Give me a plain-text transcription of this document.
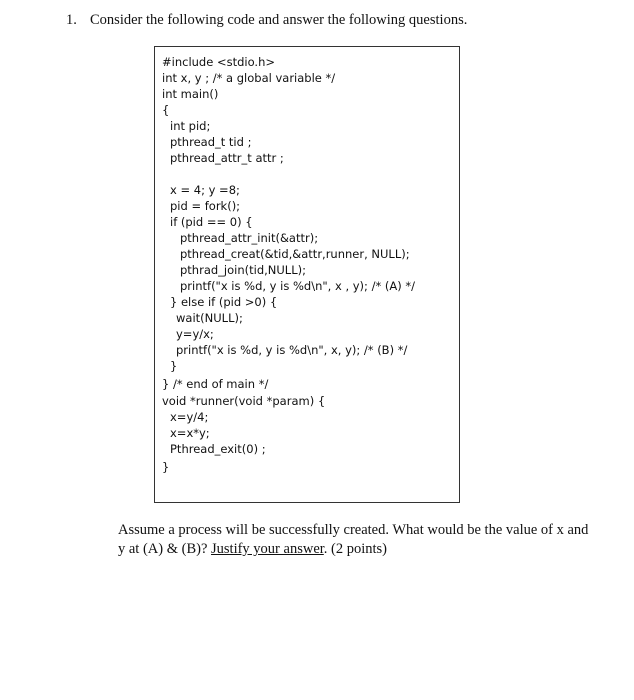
1. Consider the following code and answer the following questions.
#include <stdio.h>
int x, y ; /* a global variable */
int main()
{
int pid;
pthread_t tid ;
pthread_attr_t attr ;
x = 4; y =8;
pid = fork();
if (pid == 0) {
pthread_attr_init(&attr);
pthread_creat(&tid,&attr,runner, NULL);
pthrad_join(tid,NULL);
printf("x is %d, y is %d\n", x , y); /* (A) */
} else if (pid >0) {
wait(NULL);
y=y/x;
printf("x is %d, y is %d\n", x, y); /* (B) */
}
} /* end of main */
void *runner(void *param) {
x=y/4;
x=x*y;
Pthread_exit(0) ;
}
Assume a process will be successfully created. What would be the value of x and y at (A) & (B)? Justify your answer. (2 points)
